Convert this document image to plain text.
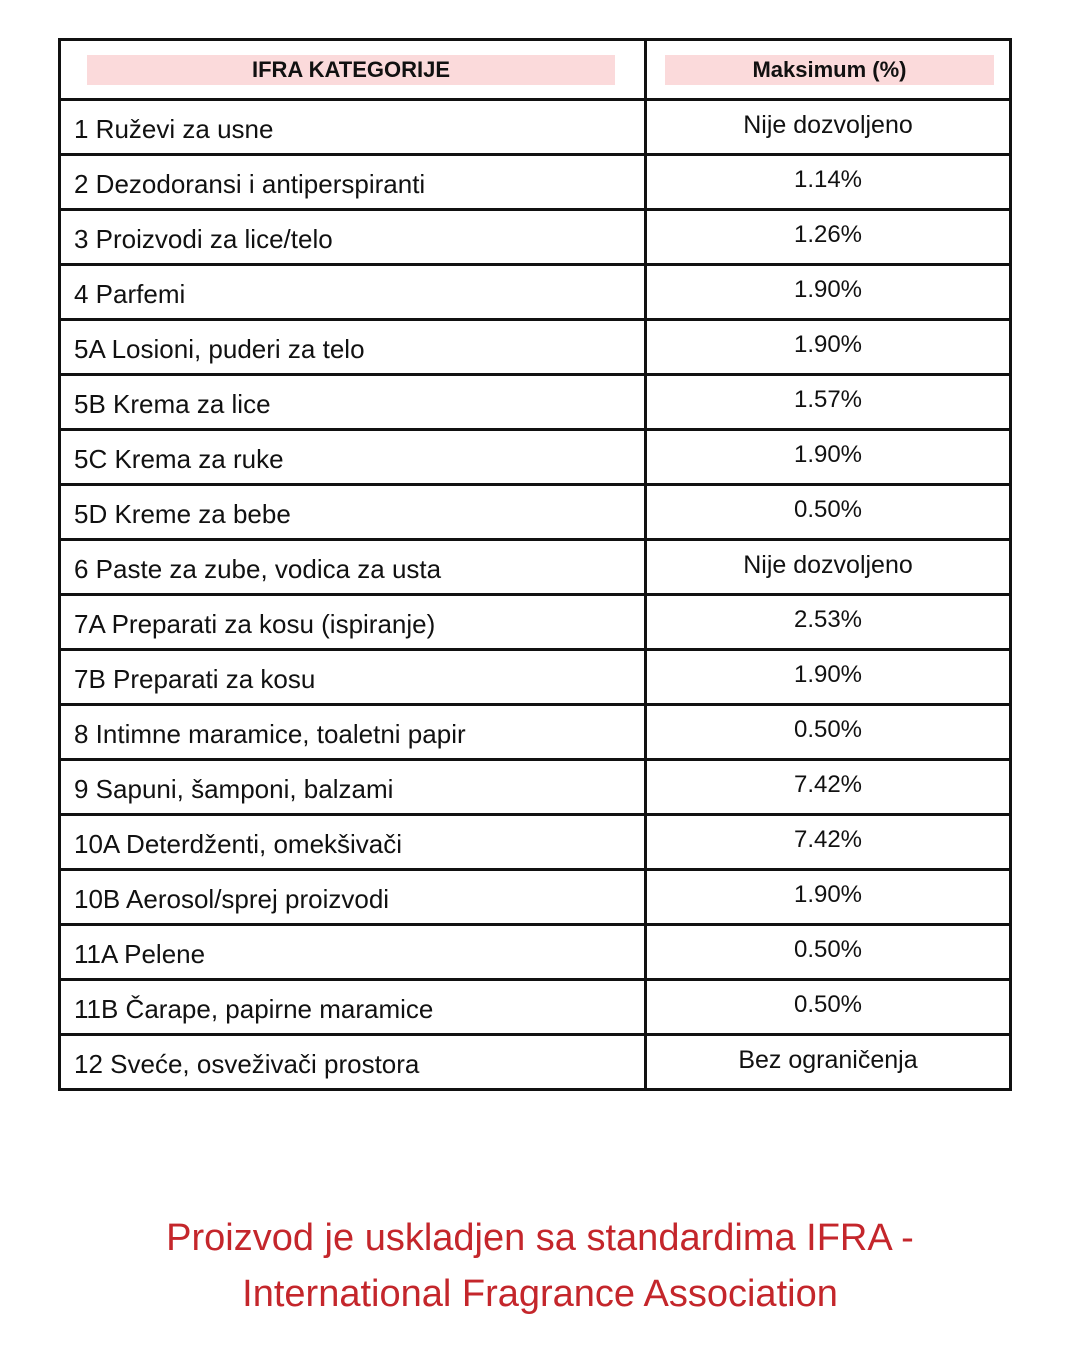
IFRA KATEGORIJE	Maksimum (%)

1 Ruževi za usne	Nije dozvoljeno
2 Dezodoransi i antiperspiranti	1.14%
3 Proizvodi za lice/telo	1.26%
4 Parfemi	1.90%
5A Losioni, puderi za telo	1.90%
5B Krema za lice	1.57%
5C Krema za ruke	1.90%
5D Kreme za bebe	0.50%
6 Paste za zube, vodica za usta	Nije dozvoljeno
7A Preparati za kosu (ispiranje)	2.53%
7B Preparati za kosu	1.90%
8 Intimne maramice, toaletni papir	0.50%
9 Sapuni, šamponi, balzami	7.42%
10A Deterdženti, omekšivači	7.42%
10B Aerosol/sprej proizvodi	1.90%
11A Pelene	0.50%
11B Čarape, papirne maramice	0.50%
12 Sveće, osveživači prostora	Bez ograničenja
Proizvod je uskladjen sa standardima IFRA -
International Fragrance Association
